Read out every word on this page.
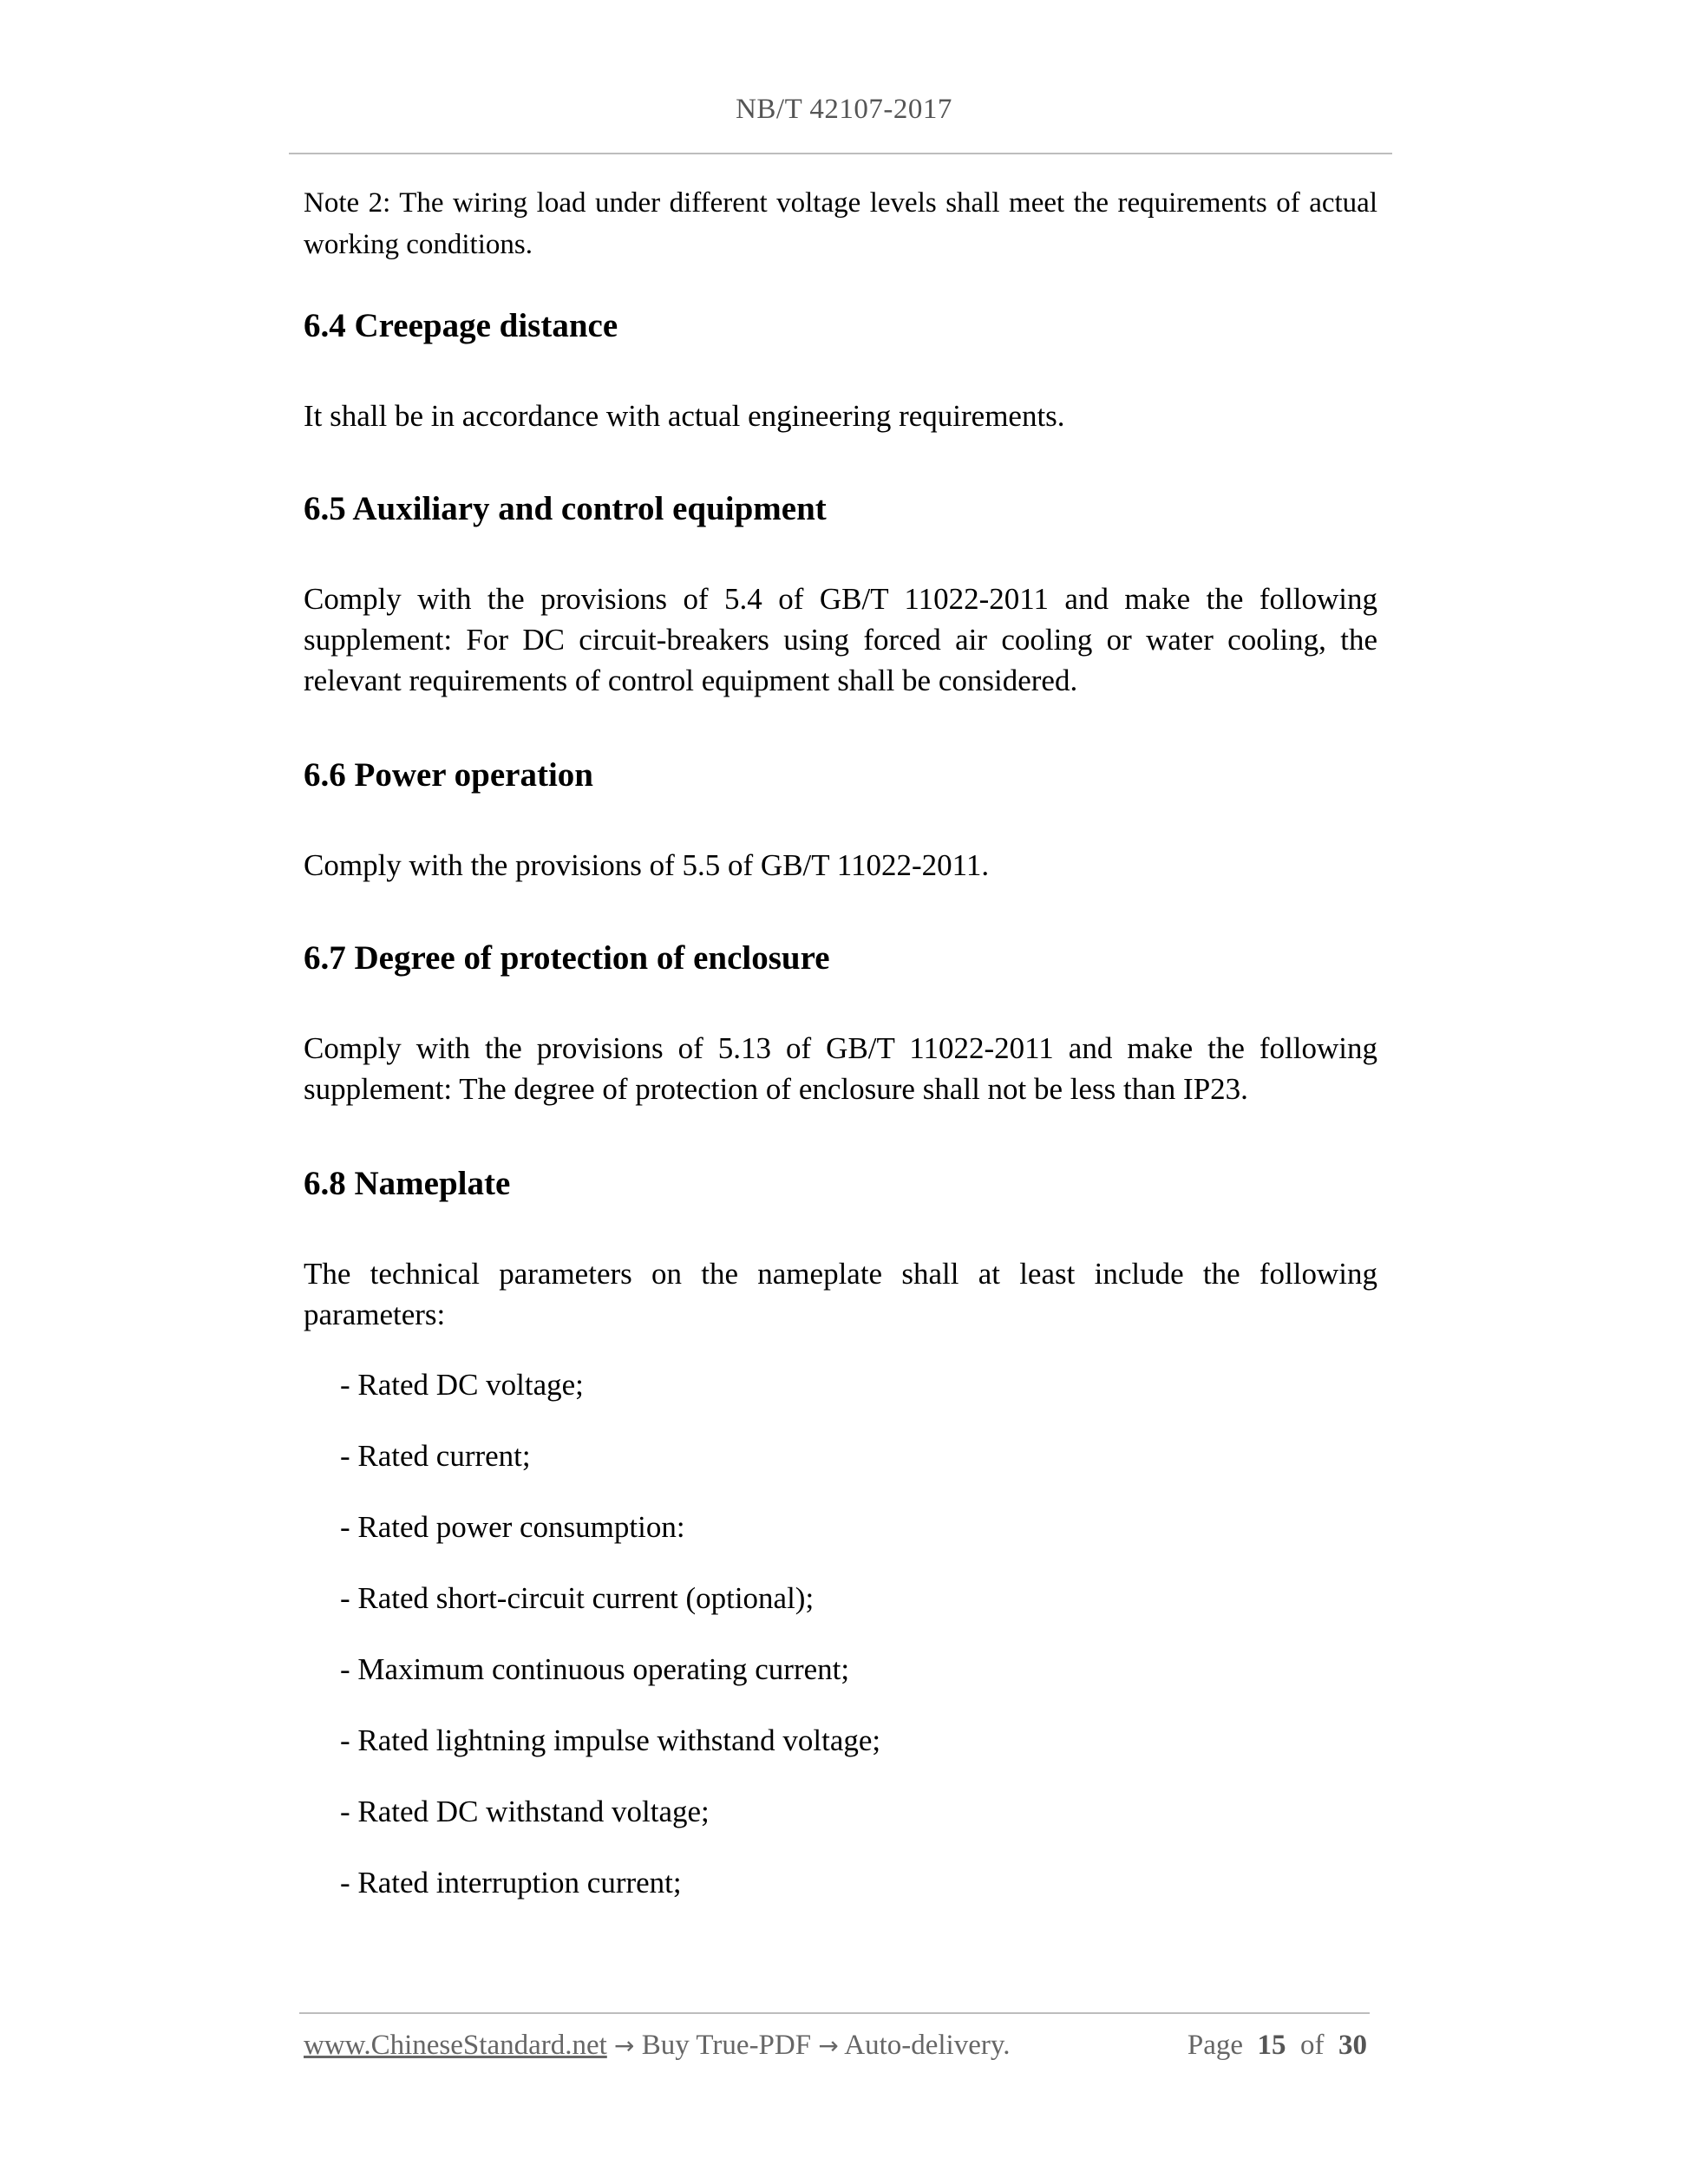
NB/T 42107-2017

Note 2: The wiring load under different voltage levels shall meet the requirements of actual working conditions.

6.4 Creepage distance

It shall be in accordance with actual engineering requirements.

6.5 Auxiliary and control equipment

Comply with the provisions of 5.4 of GB/T 11022-2011 and make the following supplement: For DC circuit-breakers using forced air cooling or water cooling, the relevant requirements of control equipment shall be considered.

6.6 Power operation

Comply with the provisions of 5.5 of GB/T 11022-2011.

6.7 Degree of protection of enclosure

Comply with the provisions of 5.13 of GB/T 11022-2011 and make the following supplement: The degree of protection of enclosure shall not be less than IP23.

6.8 Nameplate

The technical parameters on the nameplate shall at least include the following parameters:

- Rated DC voltage;
- Rated current;
- Rated power consumption:
- Rated short-circuit current (optional);
- Maximum continuous operating current;
- Rated lightning impulse withstand voltage;
- Rated DC withstand voltage;
- Rated interruption current;
www.ChineseStandard.net → Buy True-PDF → Auto-delivery.	Page 15 of 30
